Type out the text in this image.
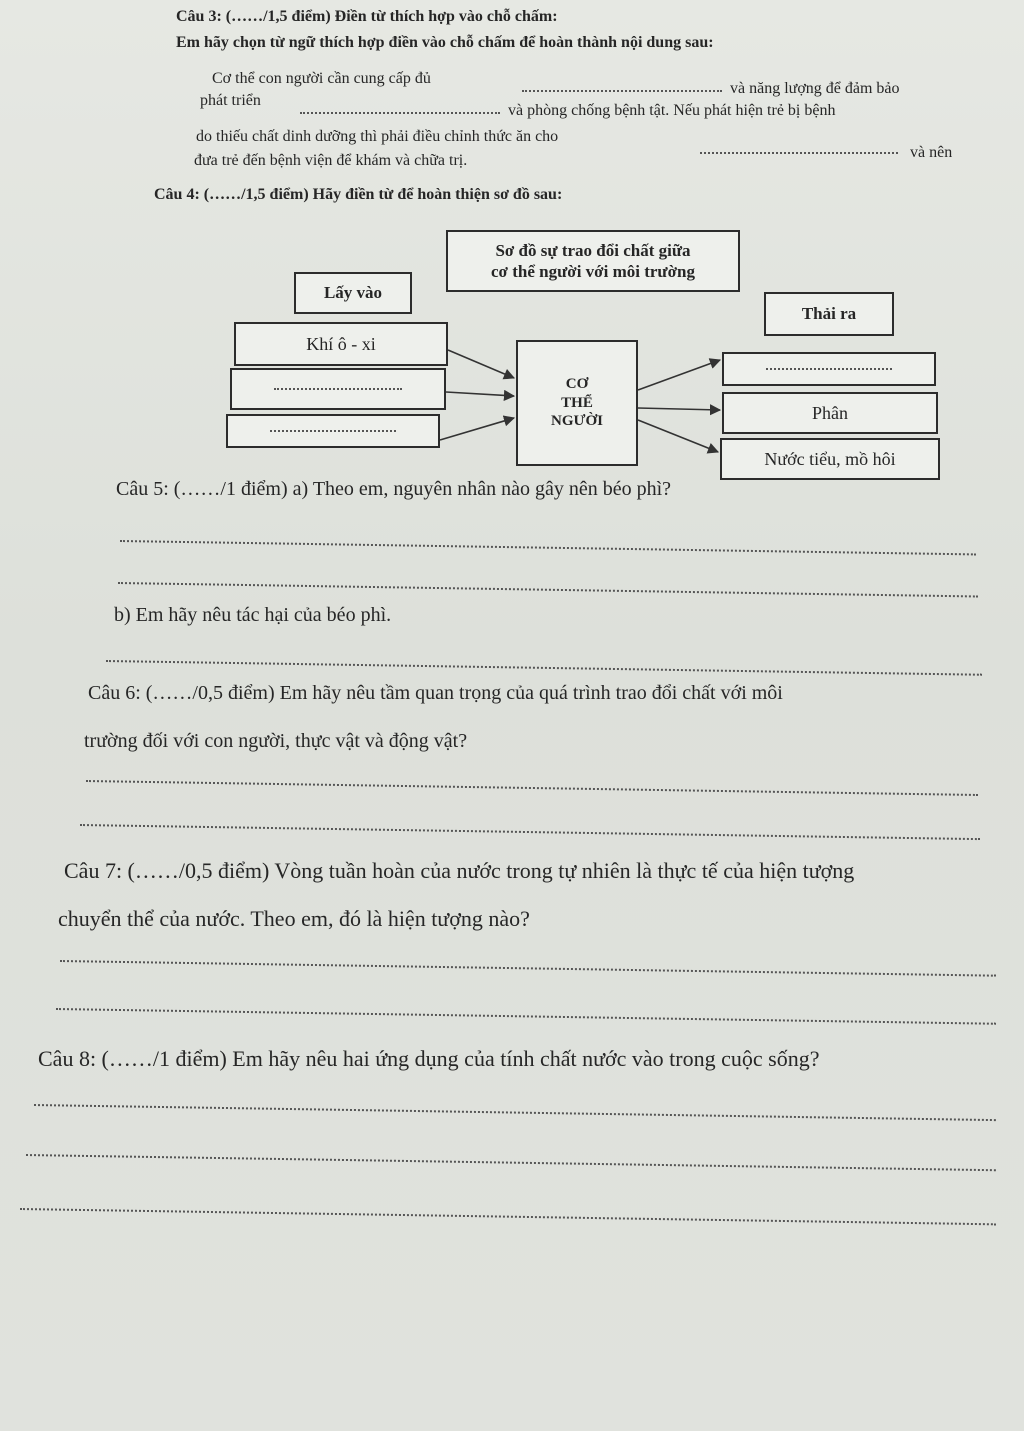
Câu 3: (……/1,5 điểm) Điền từ thích hợp vào chỗ chấm:
Em hãy chọn từ ngữ thích hợp điền vào chỗ chấm để hoàn thành nội dung sau:
Cơ thể con người cần cung cấp đủ
và năng lượng để đảm bảo
phát triển
và phòng chống bệnh tật. Nếu phát hiện trẻ bị bệnh
do thiếu chất dinh dưỡng thì phải điều chỉnh thức ăn cho
và nên
đưa trẻ đến bệnh viện để khám và chữa trị.
Câu 4: (……/1,5 điểm) Hãy điền từ để hoàn thiện sơ đồ sau:
Sơ đồ sự trao đổi chất giữa
cơ thể người với môi trường
Lấy vào
Thải ra
Khí ô - xi
CƠ
THỂ
NGƯỜI	Phân
Nước tiểu, mồ hôi
Câu 5: (……/1 điểm) a) Theo em, nguyên nhân nào gây nên béo phì?
b) Em hãy nêu tác hại của béo phì.
Câu 6: (……/0,5 điểm) Em hãy nêu tầm quan trọng của quá trình trao đổi chất với môi
trường đối với con người, thực vật và động vật?
Câu 7: (……/0,5 điểm) Vòng tuần hoàn của nước trong tự nhiên là thực tế của hiện tượng
chuyển thể của nước. Theo em, đó là hiện tượng nào?
Câu 8: (……/1 điểm) Em hãy nêu hai ứng dụng của tính chất nước vào trong cuộc sống?
